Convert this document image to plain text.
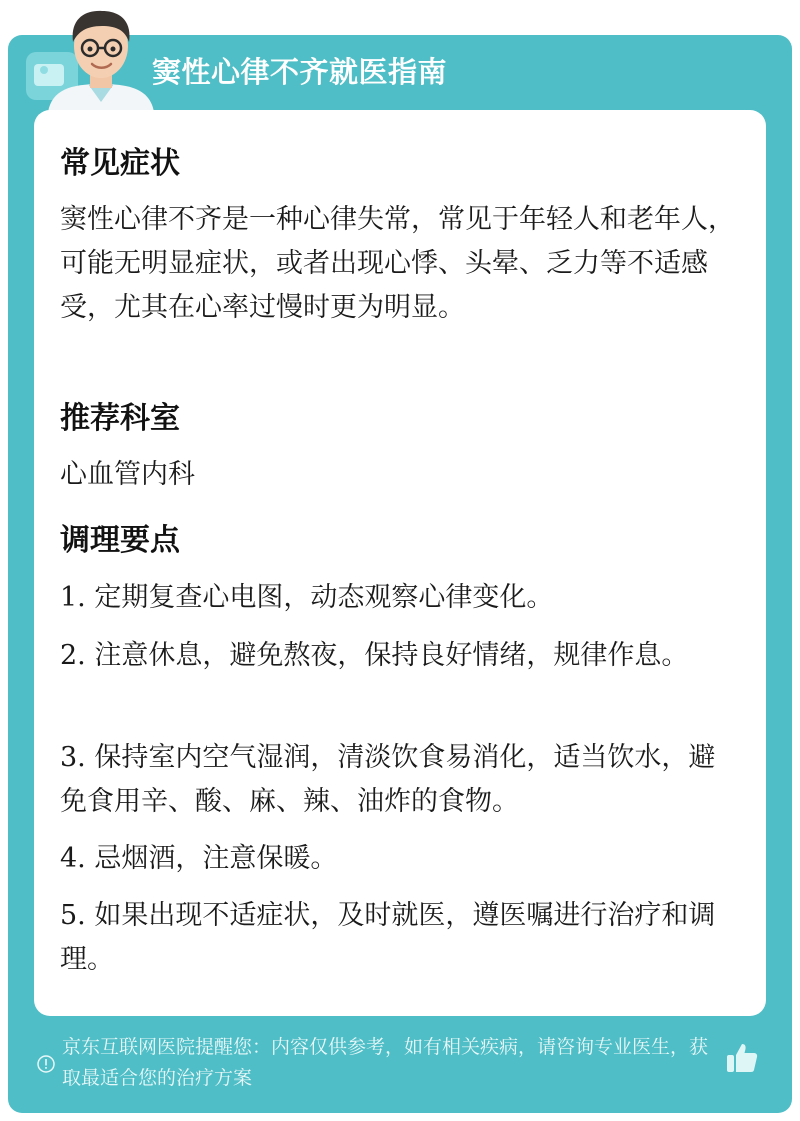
窦性心律不齐就医指南
常见症状
窦性心律不齐是一种心律失常，常见于年轻人和老年人，可能无明显症状，或者出现心悸、头晕、乏力等不适感受，尤其在心率过慢时更为明显。
推荐科室
心血管内科
调理要点
1. 定期复查心电图，动态观察心律变化。
2. 注意休息，避免熬夜，保持良好情绪，规律作息。
3. 保持室内空气湿润，清淡饮食易消化，适当饮水，避免食用辛、酸、麻、辣、油炸的食物。
4. 忌烟酒，注意保暖。
5. 如果出现不适症状，及时就医，遵医嘱进行治疗和调理。
京东互联网医院提醒您：内容仅供参考，如有相关疾病，请咨询专业医生，获取最适合您的治疗方案
